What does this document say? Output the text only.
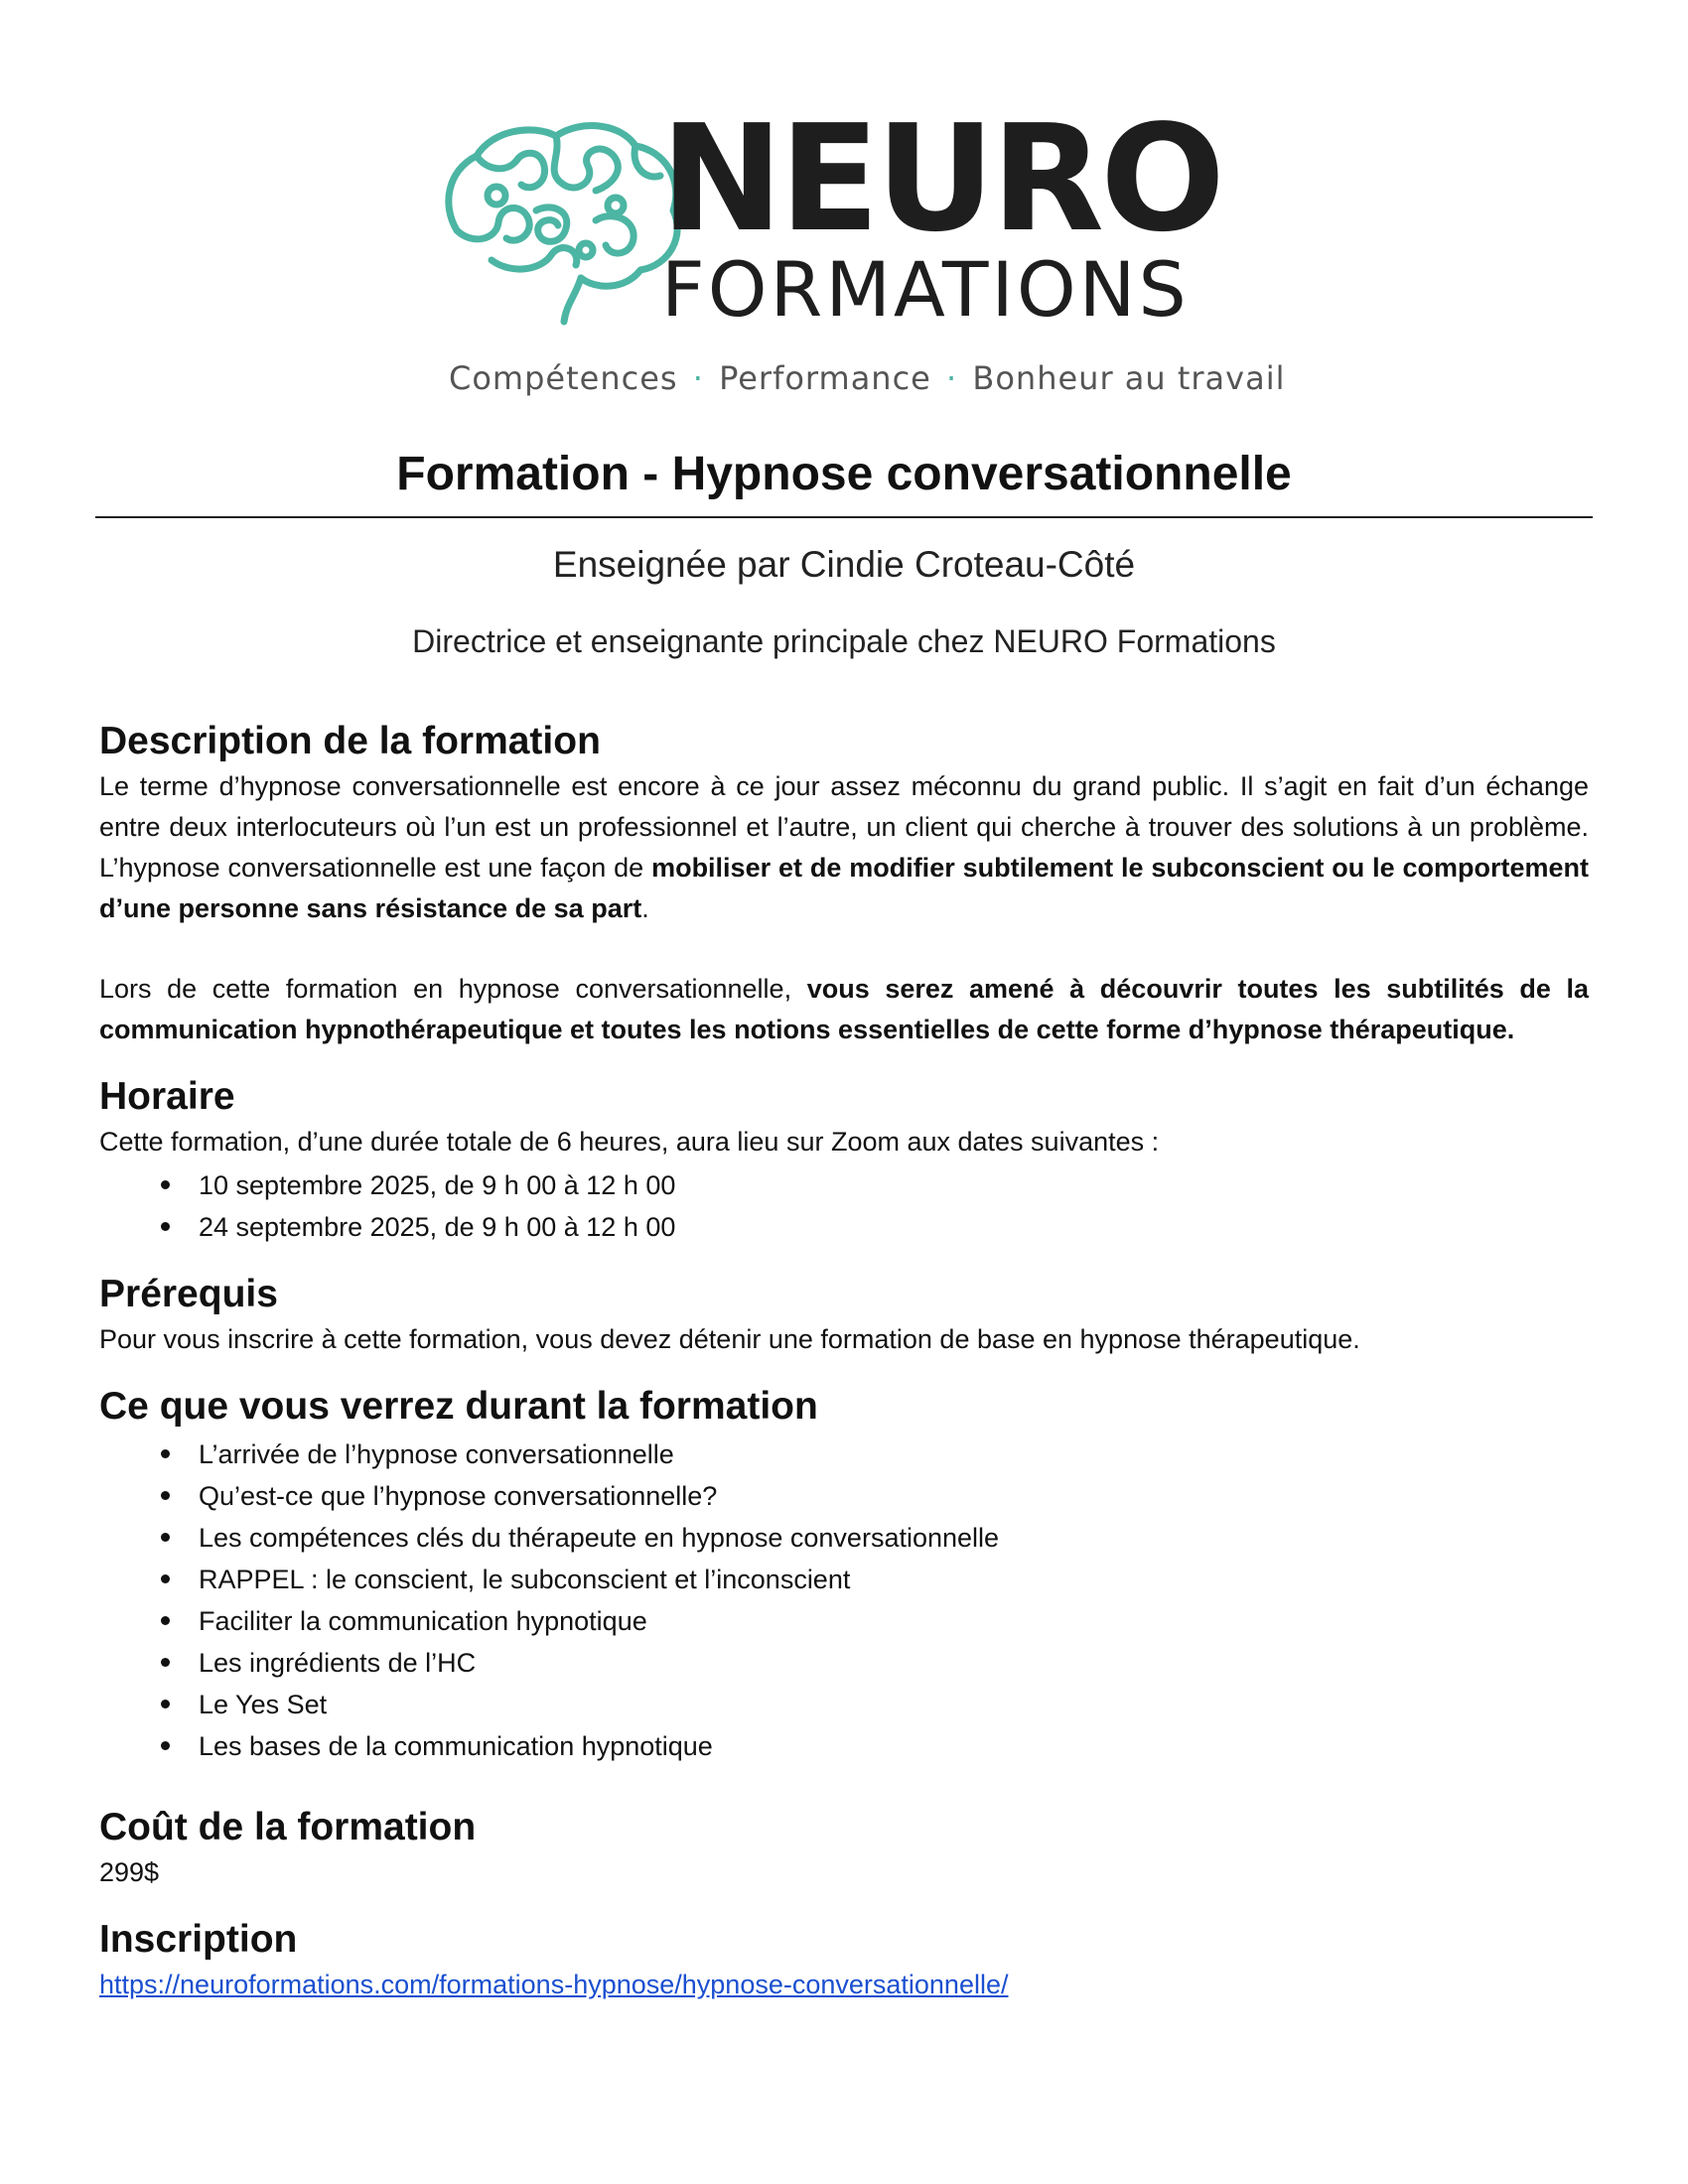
NEURO
FORMATIONS
Compétences · Performance · Bonheur au travail
Formation - Hypnose conversationnelle
Enseignée par Cindie Croteau-Côté
Directrice et enseignante principale chez NEURO Formations
Description de la formation

Le terme d’hypnose conversationnelle est encore à ce jour assez méconnu du grand public. Il s’agit en fait d’un échange entre deux interlocuteurs où l’un est un professionnel et l’autre, un client qui cherche à trouver des solutions à un problème. L’hypnose conversationnelle est une façon de mobiliser et de modifier subtilement le subconscient ou le comportement d’une personne sans résistance de sa part.

Lors de cette formation en hypnose conversationnelle, vous serez amené à découvrir toutes les subtilités de la communication hypnothérapeutique et toutes les notions essentielles de cette forme d’hypnose thérapeutique.

Horaire

Cette formation, d’une durée totale de 6 heures, aura lieu sur Zoom aux dates suivantes :

10 septembre 2025, de 9 h 00 à 12 h 00
24 septembre 2025, de 9 h 00 à 12 h 00
Prérequis

Pour vous inscrire à cette formation, vous devez détenir une formation de base en hypnose thérapeutique.

Ce que vous verrez durant la formation
L’arrivée de l’hypnose conversationnelle
Qu’est-ce que l’hypnose conversationnelle?
Les compétences clés du thérapeute en hypnose conversationnelle
RAPPEL : le conscient, le subconscient et l’inconscient
Faciliter la communication hypnotique
Les ingrédients de l’HC
Le Yes Set
Les bases de la communication hypnotique
Coût de la formation

299$

Inscription
https://neuroformations.com/formations-hypnose/hypnose-conversationnelle/
